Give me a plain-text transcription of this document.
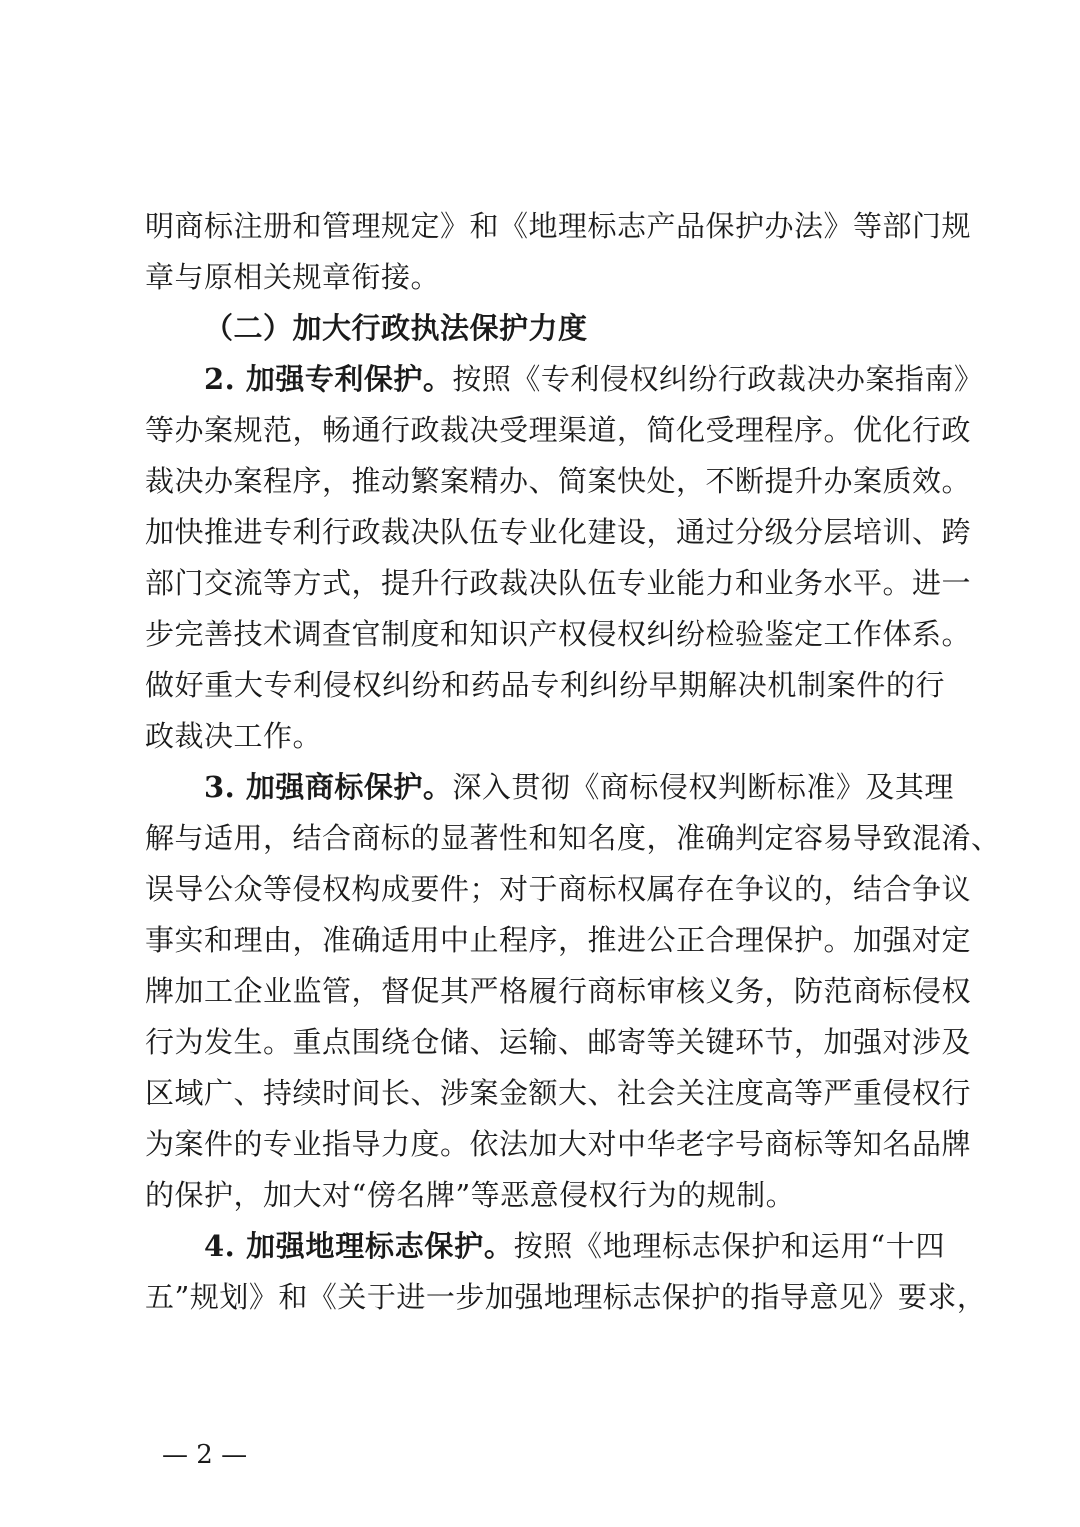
明商标注册和管理规定》和《地理标志产品保护办法》等部门规
章与原相关规章衔接。
（二）加大行政执法保护力度
2. 加强专利保护。按照《专利侵权纠纷行政裁决办案指南》
等办案规范，畅通行政裁决受理渠道，简化受理程序。优化行政
裁决办案程序，推动繁案精办、简案快处，不断提升办案质效。
加快推进专利行政裁决队伍专业化建设，通过分级分层培训、跨
部门交流等方式，提升行政裁决队伍专业能力和业务水平。进一
步完善技术调查官制度和知识产权侵权纠纷检验鉴定工作体系。
做好重大专利侵权纠纷和药品专利纠纷早期解决机制案件的行
政裁决工作。
3. 加强商标保护。深入贯彻《商标侵权判断标准》及其理
解与适用，结合商标的显著性和知名度，准确判定容易导致混淆、
误导公众等侵权构成要件；对于商标权属存在争议的，结合争议
事实和理由，准确适用中止程序，推进公正合理保护。加强对定
牌加工企业监管，督促其严格履行商标审核义务，防范商标侵权
行为发生。重点围绕仓储、运输、邮寄等关键环节，加强对涉及
区域广、持续时间长、涉案金额大、社会关注度高等严重侵权行
为案件的专业指导力度。依法加大对中华老字号商标等知名品牌
的保护，加大对“傍名牌”等恶意侵权行为的规制。
4. 加强地理标志保护。按照《地理标志保护和运用“十四
五”规划》和《关于进一步加强地理标志保护的指导意见》要求，
— 2 —
